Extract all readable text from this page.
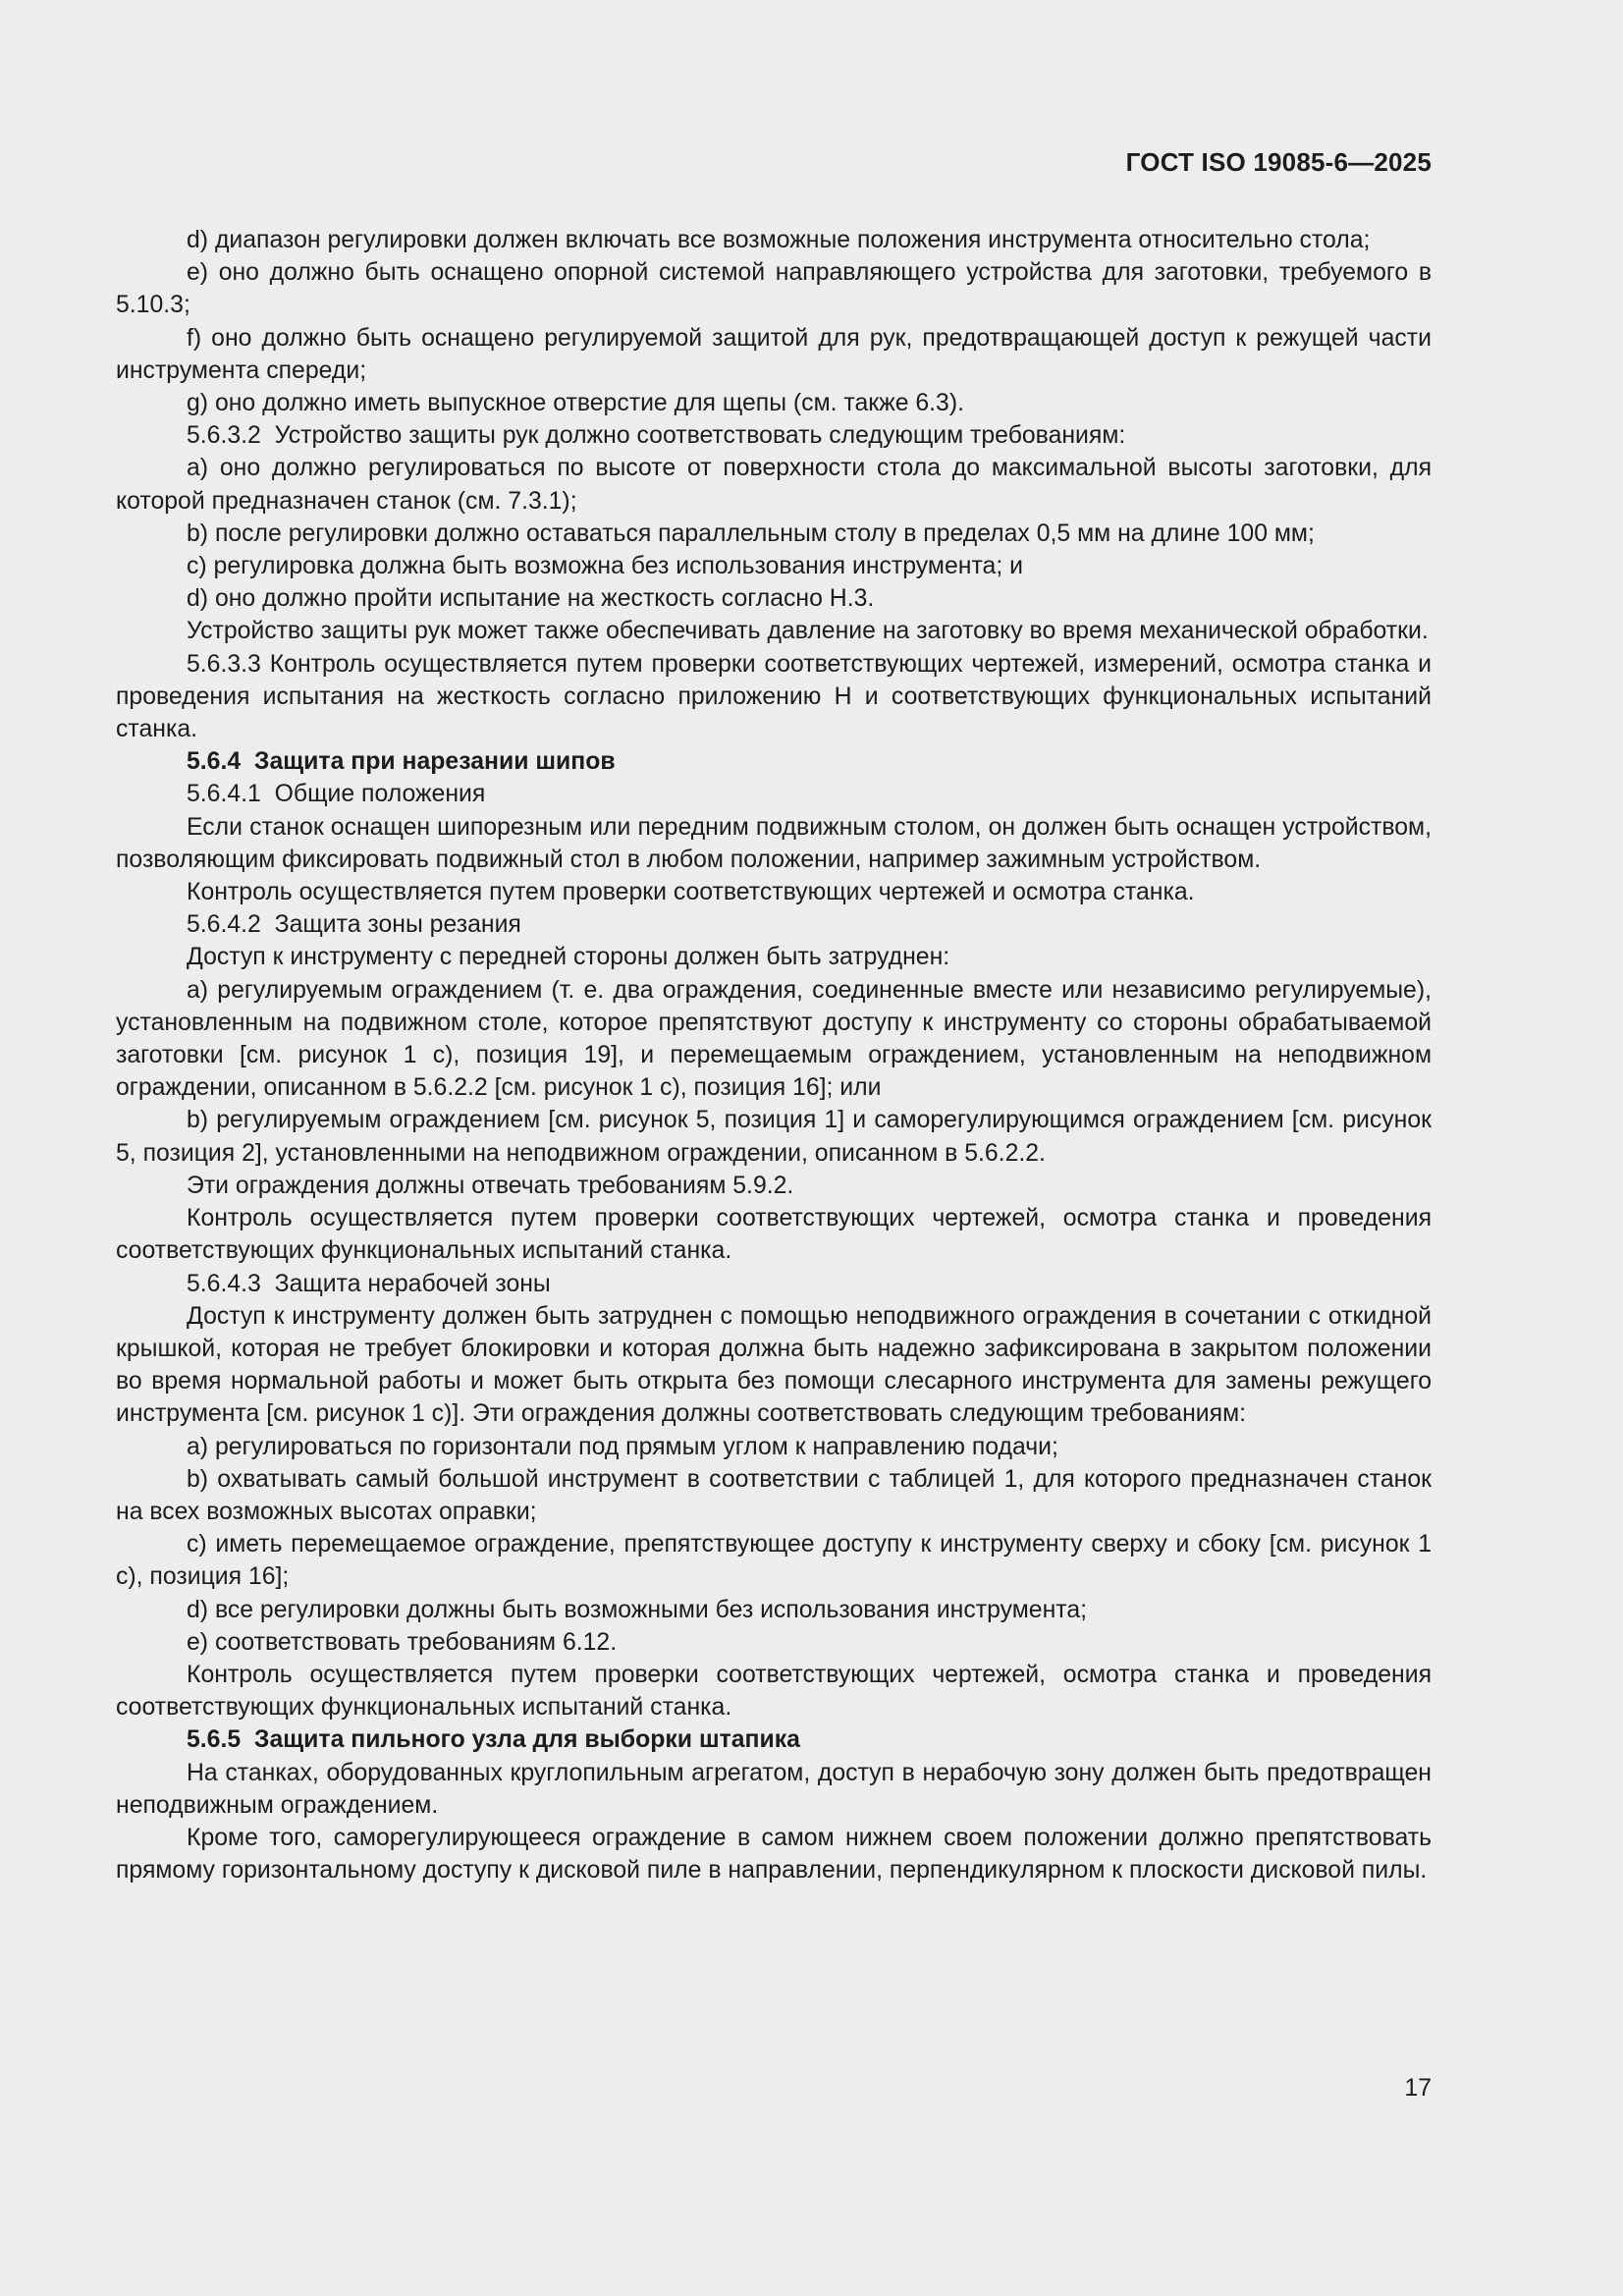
ГОСТ ISO 19085-6—2025

d) диапазон регулировки должен включать все возможные положения инструмента относительно стола;

e) оно должно быть оснащено опорной системой направляющего устройства для заготовки, требуемого в 5.10.3;

f) оно должно быть оснащено регулируемой защитой для рук, предотвращающей доступ к режущей части инструмента спереди;

g) оно должно иметь выпускное отверстие для щепы (см. также 6.3).

5.6.3.2  Устройство защиты рук должно соответствовать следующим требованиям:

a) оно должно регулироваться по высоте от поверхности стола до максимальной высоты заготовки, для которой предназначен станок (см. 7.3.1);

b) после регулировки должно оставаться параллельным столу в пределах 0,5 мм на длине 100 мм;

c) регулировка должна быть возможна без использования инструмента; и

d) оно должно пройти испытание на жесткость согласно Н.3.

Устройство защиты рук может также обеспечивать давление на заготовку во время механической обработки.

5.6.3.3 Контроль осуществляется путем проверки соответствующих чертежей, измерений, осмотра станка и проведения испытания на жесткость согласно приложению Н и соответствующих функциональных испытаний станка.

5.6.4  Защита при нарезании шипов

5.6.4.1  Общие положения

Если станок оснащен шипорезным или передним подвижным столом, он должен быть оснащен устройством, позволяющим фиксировать подвижный стол в любом положении, например зажимным устройством.

Контроль осуществляется путем проверки соответствующих чертежей и осмотра станка.

5.6.4.2  Защита зоны резания

Доступ к инструменту с передней стороны должен быть затруднен:

a) регулируемым ограждением (т. е. два ограждения, соединенные вместе или независимо регулируемые), установленным на подвижном столе, которое препятствуют доступу к инструменту со стороны обрабатываемой заготовки [см. рисунок 1 c), позиция 19], и перемещаемым ограждением, установленным на неподвижном ограждении, описанном в 5.6.2.2 [см. рисунок 1 c), позиция 16]; или

b) регулируемым ограждением [см. рисунок 5, позиция 1] и саморегулирующимся ограждением [см. рисунок 5, позиция 2], установленными на неподвижном ограждении, описанном в 5.6.2.2.

Эти ограждения должны отвечать требованиям 5.9.2.

Контроль осуществляется путем проверки соответствующих чертежей, осмотра станка и проведения соответствующих функциональных испытаний станка.

5.6.4.3  Защита нерабочей зоны

Доступ к инструменту должен быть затруднен с помощью неподвижного ограждения в сочетании с откидной крышкой, которая не требует блокировки и которая должна быть надежно зафиксирована в закрытом положении во время нормальной работы и может быть открыта без помощи слесарного инструмента для замены режущего инструмента [см. рисунок 1 c)]. Эти ограждения должны соответствовать следующим требованиям:

a) регулироваться по горизонтали под прямым углом к направлению подачи;

b) охватывать самый большой инструмент в соответствии с таблицей 1, для которого предназначен станок на всех возможных высотах оправки;

c) иметь перемещаемое ограждение, препятствующее доступу к инструменту сверху и сбоку [см. рисунок 1 c), позиция 16];

d) все регулировки должны быть возможными без использования инструмента;

e) соответствовать требованиям 6.12.

Контроль осуществляется путем проверки соответствующих чертежей, осмотра станка и проведения соответствующих функциональных испытаний станка.

5.6.5  Защита пильного узла для выборки штапика

На станках, оборудованных круглопильным агрегатом, доступ в нерабочую зону должен быть предотвращен неподвижным ограждением.

Кроме того, саморегулирующееся ограждение в самом нижнем своем положении должно препятствовать прямому горизонтальному доступу к дисковой пиле в направлении, перпендикулярном к плоскости дисковой пилы.

17
